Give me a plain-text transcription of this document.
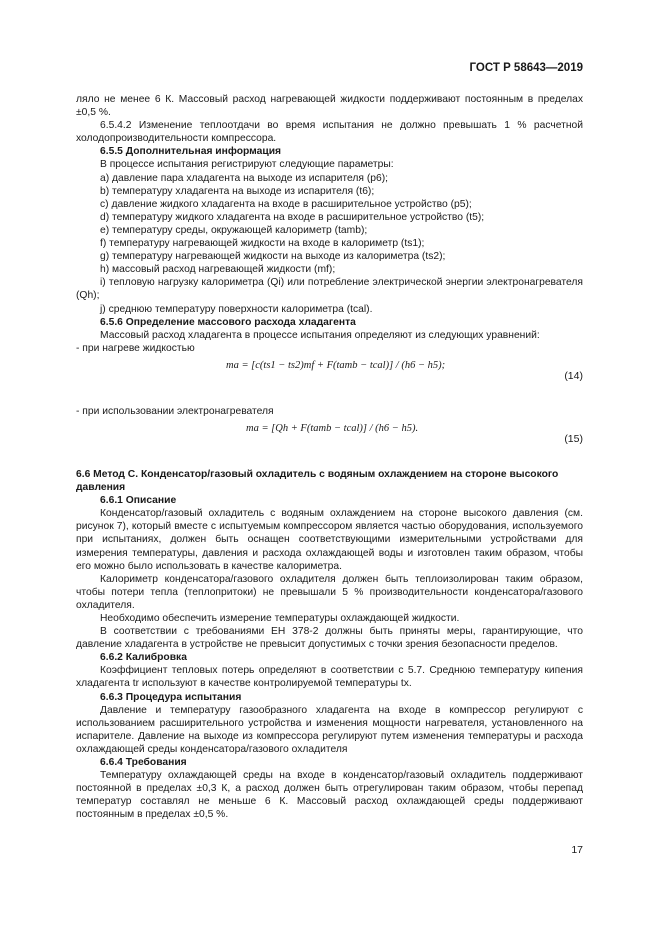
ГОСТ Р 58643—2019

ляло не менее 6 К. Массовый расход нагревающей жидкости поддерживают постоянным в пределах ±0,5 %.

6.5.4.2 Изменение теплоотдачи во время испытания не должно превышать 1 % расчетной холодопроизводительности компрессора.

6.5.5 Дополнительная информация

В процессе испытания регистрируют следующие параметры:

a) давление пара хладагента на выходе из испарителя (p6);

b) температуру хладагента на выходе из испарителя (t6);

c) давление жидкого хладагента на входе в расширительное устройство (p5);

d) температуру жидкого хладагента на входе в расширительное устройство (t5);

e) температуру среды, окружающей калориметр (tamb);

f) температуру нагревающей жидкости на входе в калориметр (ts1);

g) температуру нагревающей жидкости на выходе из калориметра (ts2);

h) массовый расход нагревающей жидкости (mf);

i) тепловую нагрузку калориметра (Qi) или потребление электрической энергии электронагревателя (Qh);

j) среднюю температуру поверхности калориметра (tcal).

6.5.6 Определение массового расхода хладагента

Массовый расход хладагента в процессе испытания определяют из следующих уравнений:

- при нагреве жидкостью

ma = [c(ts1 − ts2)mf + F(tamb − tcal)] / (h6 − h5);
(14)

- при использовании электронагревателя

ma = [Qh + F(tamb − tcal)] / (h6 − h5).
(15)

6.6 Метод С. Конденсатор/газовый охладитель с водяным охлаждением на стороне высокого давления

6.6.1 Описание

Конденсатор/газовый охладитель с водяным охлаждением на стороне высокого давления (см. рисунок 7), который вместе с испытуемым компрессором является частью оборудования, используемого при испытаниях, должен быть оснащен соответствующими измерительными устройствами для измерения температуры, давления и расхода охлаждающей воды и изготовлен таким образом, чтобы его можно было использовать в качестве калориметра.

Калориметр конденсатора/газового охладителя должен быть теплоизолирован таким образом, чтобы потери тепла (теплопритоки) не превышали 5 % производительности конденсатора/газового охладителя.

Необходимо обеспечить измерение температуры охлаждающей жидкости.

В соответствии с требованиями ЕН 378-2 должны быть приняты меры, гарантирующие, что давление хладагента в устройстве не превысит допустимых с точки зрения безопасности пределов.

6.6.2 Калибровка

Коэффициент тепловых потерь определяют в соответствии с 5.7. Среднюю температуру кипения хладагента tr используют в качестве контролируемой температуры tx.

6.6.3 Процедура испытания

Давление и температуру газообразного хладагента на входе в компрессор регулируют с использованием расширительного устройства и изменения мощности нагревателя, установленного на испарителе. Давление на выходе из компрессора регулируют путем изменения температуры и расхода охлаждающей среды конденсатора/газового охладителя

6.6.4 Требования

Температуру охлаждающей среды на входе в конденсатор/газовый охладитель поддерживают постоянной в пределах ±0,3 К, а расход должен быть отрегулирован таким образом, чтобы перепад температур составлял не меньше 6 К. Массовый расход охлаждающей среды поддерживают постоянным в пределах ±0,5 %.

17
